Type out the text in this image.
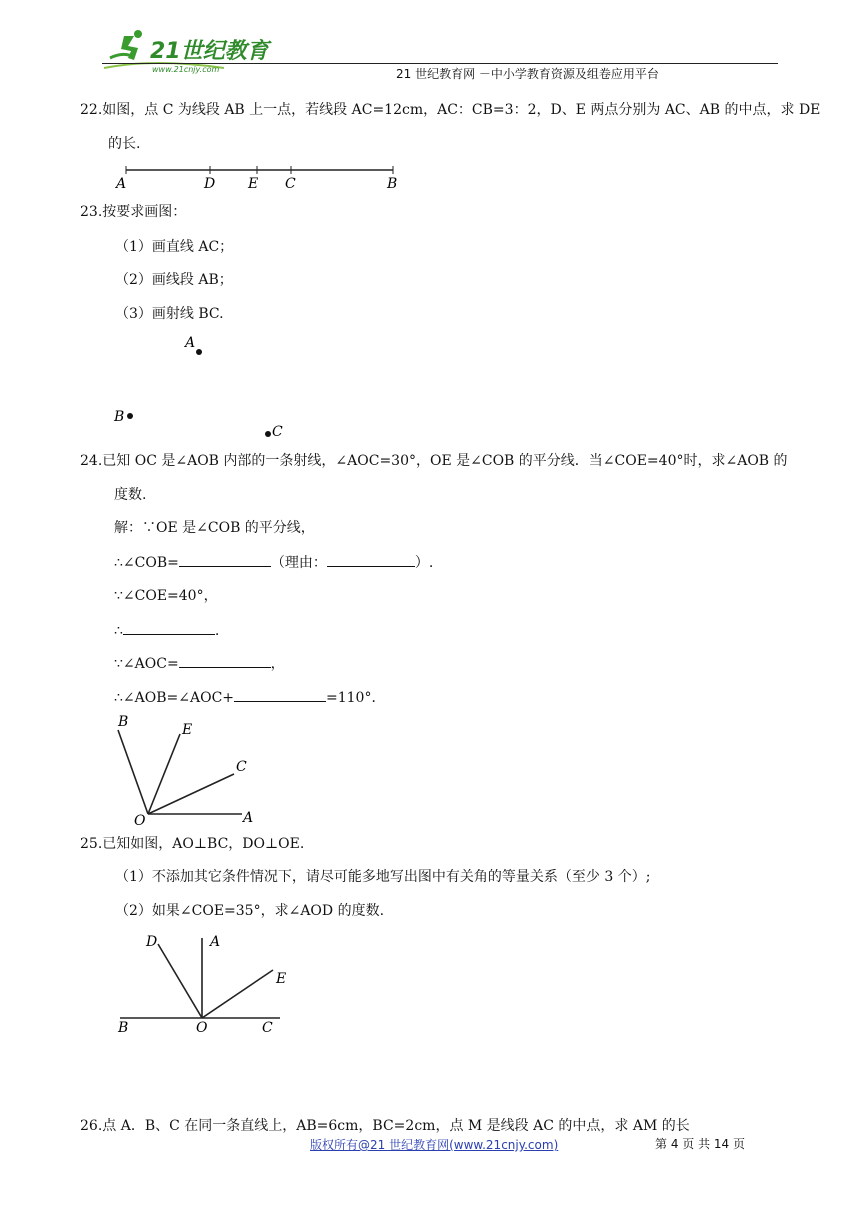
21世纪教育
www.21cnjy.com	21 世纪教育网 －中小学教育资源及组卷应用平台
22.如图，点 C 为线段 AB 上一点，若线段 AC=12cm，AC：CB=3：2，D、E 两点分别为 AC、AB 的中点，求 DE
的长.
A	D E C	B
23.按要求画图：
（1）画直线 AC；
（2）画线段 AB；
（3）画射线 BC.
A
B
C
24.已知 OC 是∠AOB 内部的一条射线，∠AOC=30°，OE 是∠COB 的平分线．当∠COE=40°时，求∠AOB 的
度数.
解：∵OE 是∠COB 的平分线，
∴∠COB=	（理由：	）.
∵∠COE=40°，
∴	.
∵∠AOC=	，
∴∠AOB=∠AOC+	=110°．
B	E
C
O	A
25.已知如图，AO⊥BC，DO⊥OE.
（1）不添加其它条件情况下，请尽可能多地写出图中有关角的等量关系（至少 3 个）;
（2）如果∠COE=35°，求∠AOD 的度数.
D	A
E
B	O	C
26.点 A．B、C 在同一条直线上，AB=6cm，BC=2cm，点 M 是线段 AC 的中点，求 AM 的长
版权所有@21 世纪教育网(www.21cnjy.com)	第 4 页 共 14 页
